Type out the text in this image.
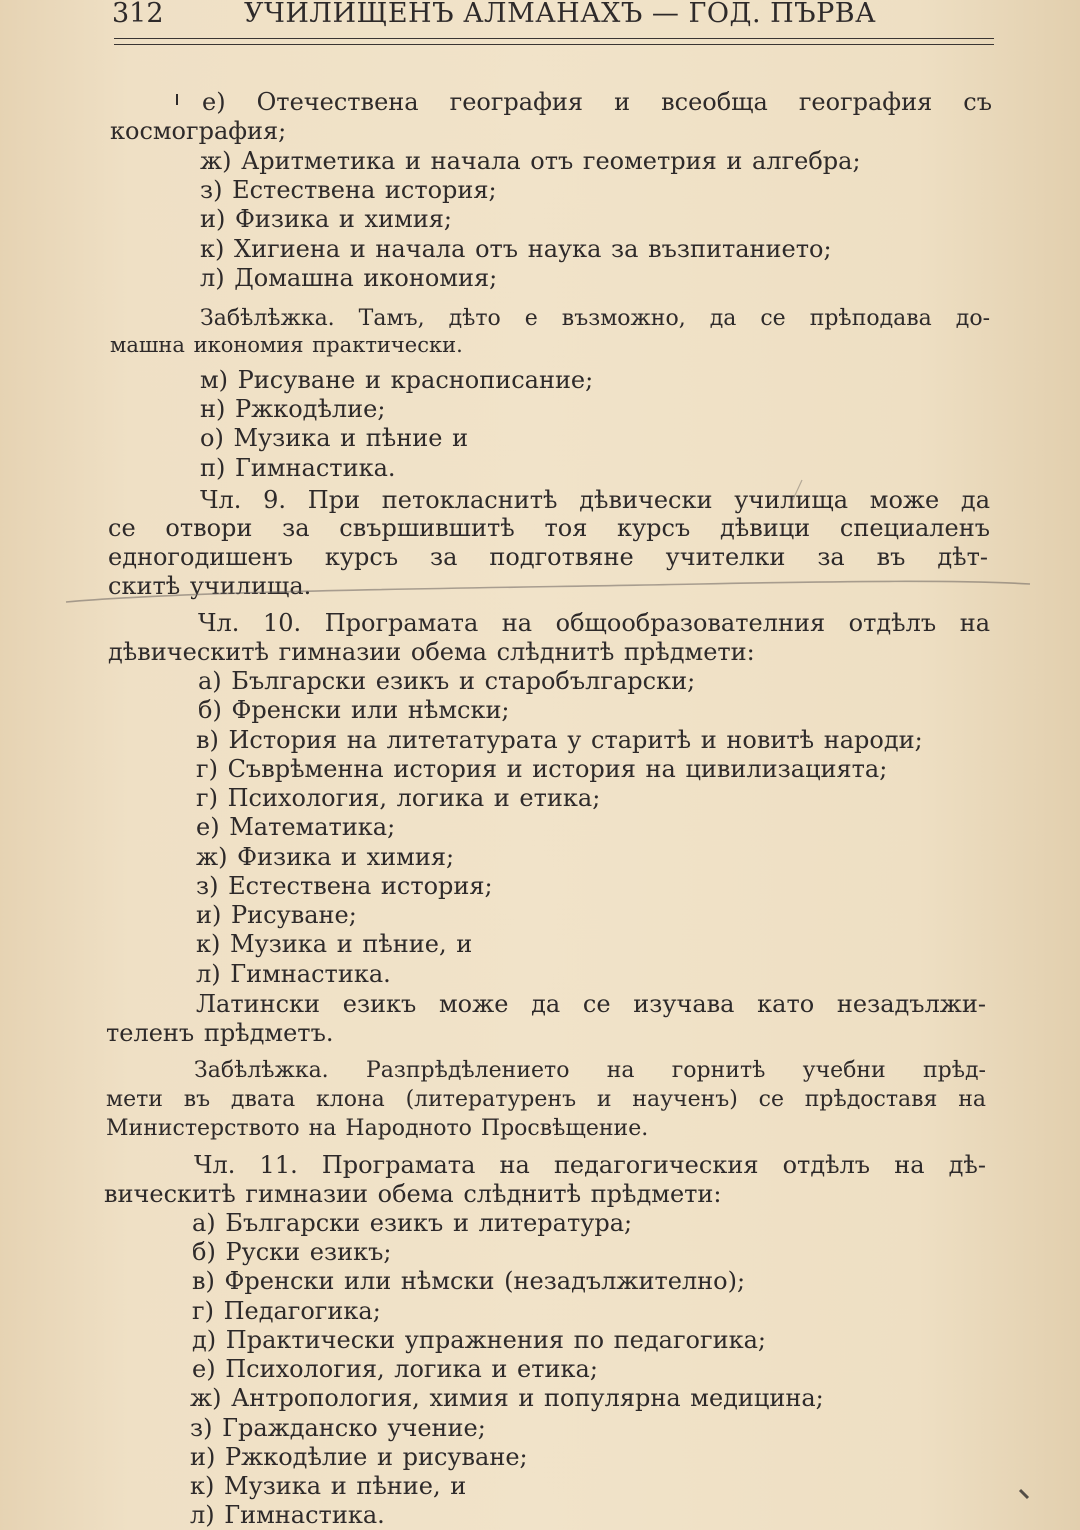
312	УЧИЛИЩЕНЪ АЛМАНАХЪ — ГОД. ПЪРВА
е) Отечествена география и всеобща география съ
космография;
ж) Аритметика и начала отъ геометрия и алгебра;
з) Естествена история;
и) Физика и химия;
к) Хигиена и начала отъ наука за възпитанието;
л) Домашна икономия;
Забѣлѣжка. Тамъ, дѣто е възможно, да се прѣподава до-
машна икономия практически.
м) Рисуване и краснописание;
н) Ржкодѣлие;
о) Музика и пѣние и
п) Гимнастика.
Чл. 9. При петокласнитѣ дѣвически училища може да
се отвори за свършившитѣ тоя курсъ дѣвици специаленъ
едногодишенъ курсъ за подготвяне учителки за въ дѣт-
скитѣ училища.
Чл. 10. Програмата на общообразователния отдѣлъ на
дѣвическитѣ гимназии обема слѣднитѣ прѣдмети:
а) Български езикъ и старобългарски;
б) Френски или нѣмски;
в) История на литетатурата у старитѣ и новитѣ народи;
г) Съврѣменна история и история на цивилизацията;
г) Психология, логика и етика;
е) Математика;
ж) Физика и химия;
з) Естествена история;
и) Рисуване;
к) Музика и пѣние, и
л) Гимнастика.
Латински езикъ може да се изучава като незадължи-
теленъ прѣдметъ.
Забѣлѣжка. Разпрѣдѣлението на горнитѣ учебни прѣд-
мети въ двата клона (литературенъ и наученъ) се прѣдоставя на
Министерството на Народното Просвѣщение.
Чл. 11. Програмата на педагогическия отдѣлъ на дѣ-
вическитѣ гимназии обема слѣднитѣ прѣдмети:
а) Български езикъ и литература;
б) Руски езикъ;
в) Френски или нѣмски (незадължително);
г) Педагогика;
д) Практически упражнения по педагогика;
е) Психология, логика и етика;
ж) Антропология, химия и популярна медицина;
з) Гражданско учение;
и) Ржкодѣлие и рисуване;
к) Музика и пѣние, и
л) Гимнастика.
